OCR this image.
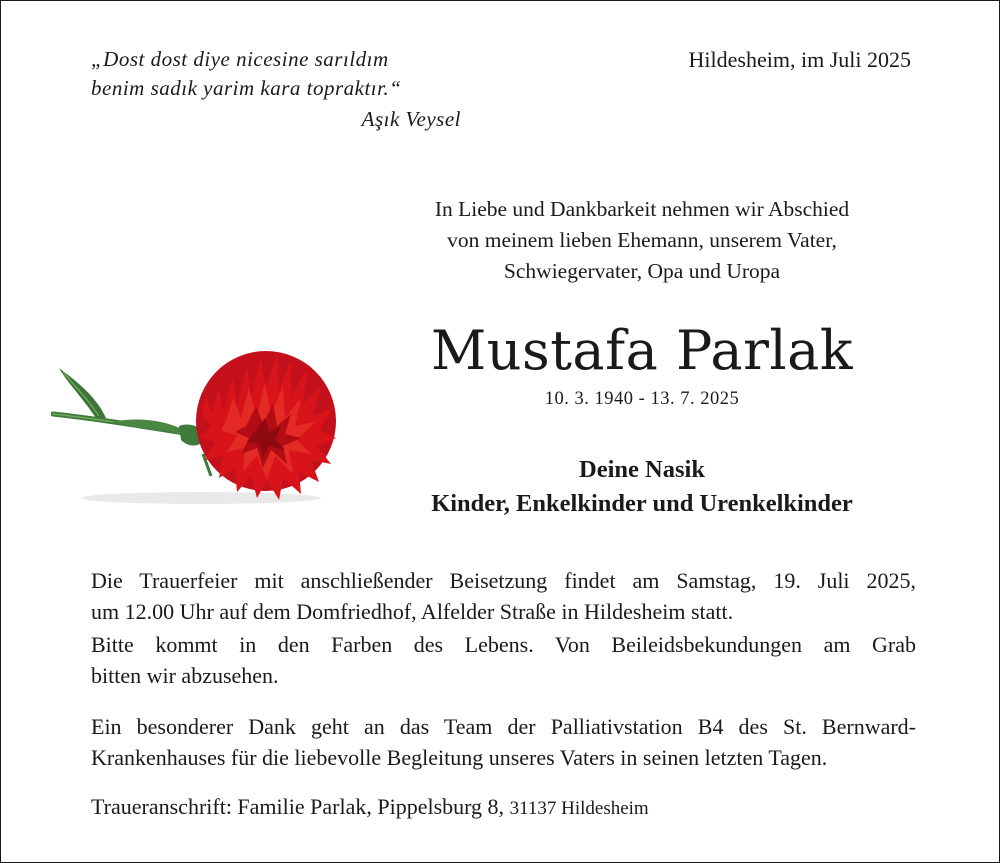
„Dost dost diye nicesine sarıldım
benim sadık yarim kara topraktır.“
Aşık Veysel
Hildesheim, im Juli 2025
In Liebe und Dankbarkeit nehmen wir Abschied
von meinem lieben Ehemann, unserem Vater,
Schwiegervater, Opa und Uropa
Mustafa Parlak
10. 3. 1940 - 13. 7. 2025
Deine Nasik
Kinder, Enkelkinder und Urenkelkinder
Die Trauerfeier mit anschließender Beisetzung findet am Samstag, 19. Juli 2025,
um 12.00 Uhr auf dem Domfriedhof, Alfelder Straße in Hildesheim statt.
Bitte kommt in den Farben des Lebens. Von Beileidsbekundungen am Grab
bitten wir abzusehen.
Ein besonderer Dank geht an das Team der Palliativstation B4 des St. Bernward-
Krankenhauses für die liebevolle Begleitung unseres Vaters in seinen letzten Tagen.
Traueranschrift: Familie Parlak, Pippelsburg 8, 31137 Hildesheim
